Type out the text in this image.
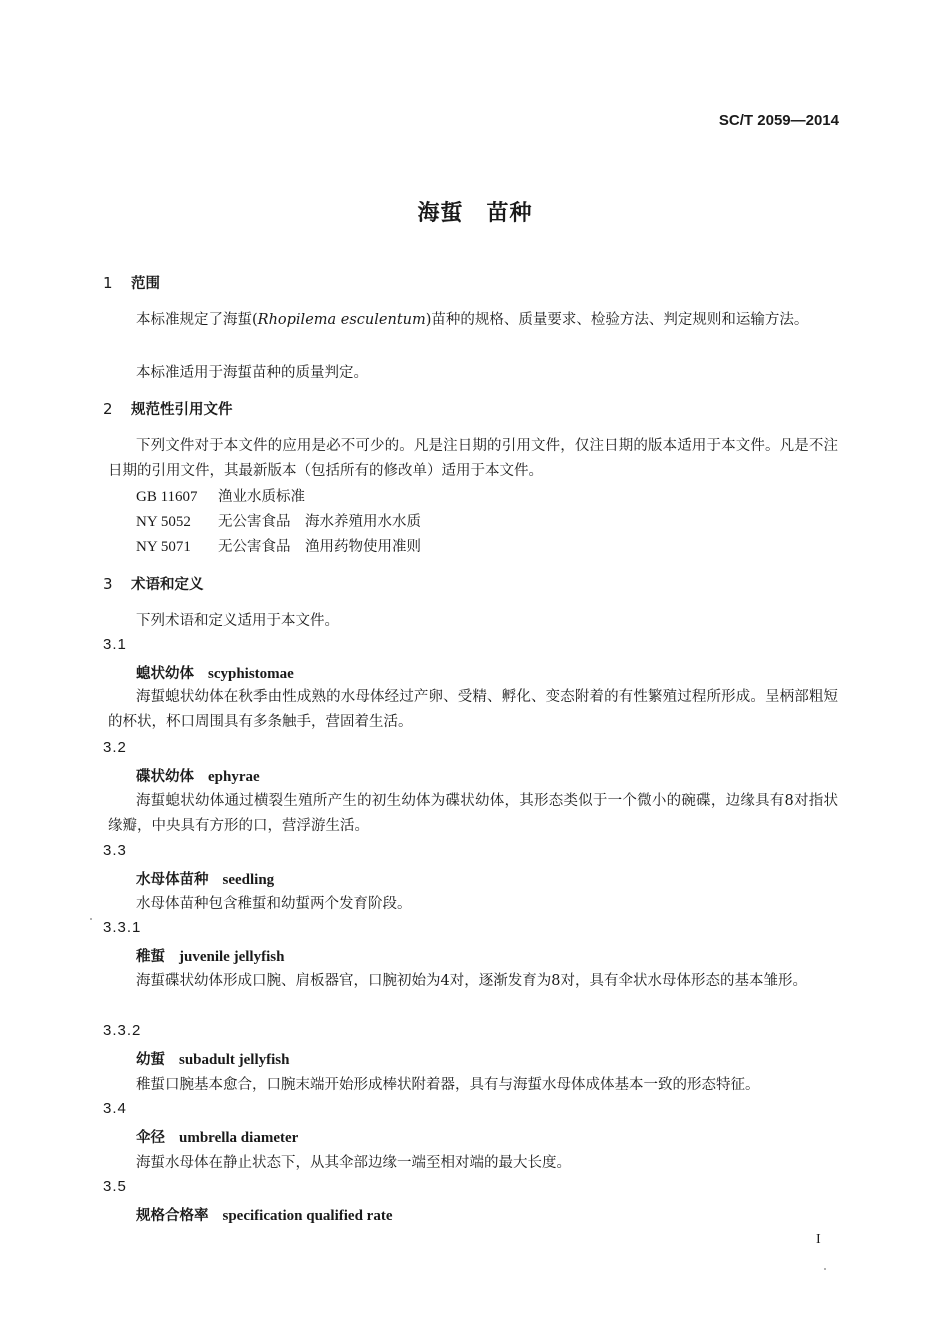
SC/T 2059—2014
海蜇　苗种
1 范围
本标准规定了海蜇(Rhopilema esculentum)苗种的规格、质量要求、检验方法、判定规则和运输方法。
本标准适用于海蜇苗种的质量判定。
2 规范性引用文件
下列文件对于本文件的应用是必不可少的。凡是注日期的引用文件，仅注日期的版本适用于本文件。凡是不注日期的引用文件，其最新版本（包括所有的修改单）适用于本文件。
GB 11607 渔业水质标准
NY 5052 无公害食品　海水养殖用水水质
NY 5071 无公害食品　渔用药物使用准则
3 术语和定义
下列术语和定义适用于本文件。
3.1
螅状幼体 scyphistomae
海蜇螅状幼体在秋季由性成熟的水母体经过产卵、受精、孵化、变态附着的有性繁殖过程所形成。呈柄部粗短的杯状，杯口周围具有多条触手，营固着生活。
3.2
碟状幼体 ephyrae
海蜇螅状幼体通过横裂生殖所产生的初生幼体为碟状幼体，其形态类似于一个微小的碗碟，边缘具有8对指状缘瓣，中央具有方形的口，营浮游生活。
3.3
水母体苗种 seedling
水母体苗种包含稚蜇和幼蜇两个发育阶段。
3.3.1
稚蜇 juvenile jellyfish
海蜇碟状幼体形成口腕、肩板器官，口腕初始为4对，逐渐发育为8对，具有伞状水母体形态的基本雏形。
3.3.2
幼蜇 subadult jellyfish
稚蜇口腕基本愈合，口腕末端开始形成棒状附着器，具有与海蜇水母体成体基本一致的形态特征。
3.4
伞径 umbrella diameter
海蜇水母体在静止状态下，从其伞部边缘一端至相对端的最大长度。
3.5
规格合格率 specification qualified rate
I
